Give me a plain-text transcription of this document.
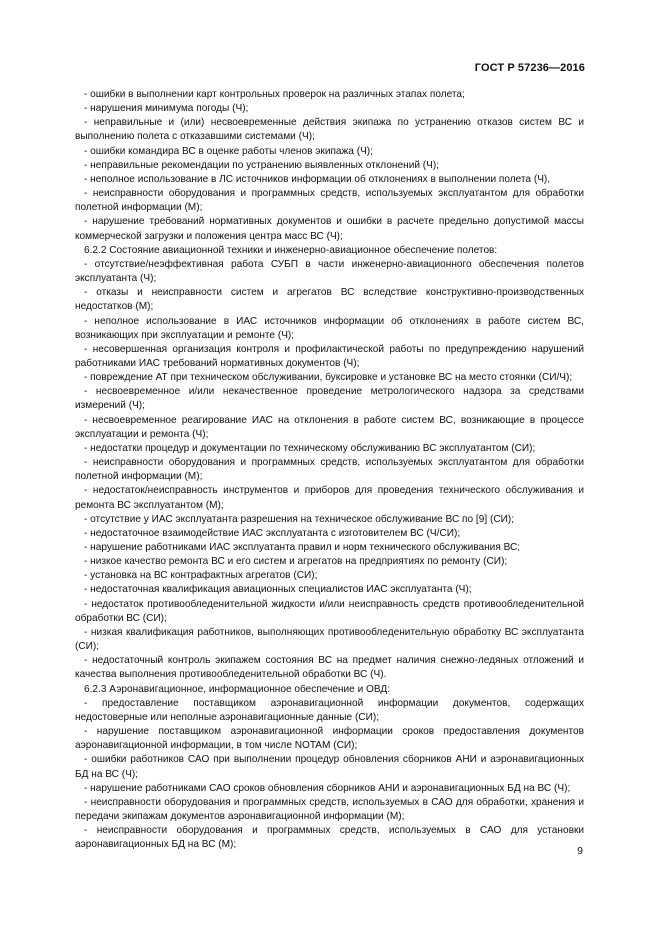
ГОСТ Р 57236—2016

- ошибки в выполнении карт контрольных проверок на различных этапах полета;

- нарушения минимума погоды (Ч);

- неправильные и (или) несвоевременные действия экипажа по устранению отказов систем ВС и выполнению полета с отказавшими системами (Ч);

- ошибки командира ВС в оценке работы членов экипажа (Ч);

- неправильные рекомендации по устранению выявленных отклонений (Ч);

- неполное использование в ЛС источников информации об отклонениях в выполнении полета (Ч),

- неисправности оборудования и программных средств, используемых эксплуатантом для обработки полетной информации (М);

- нарушение требований нормативных документов и ошибки в расчете предельно допустимой массы коммерческой загрузки и положения центра масс ВС (Ч);

6.2.2 Состояние авиационной техники и инженерно-авиационное обеспечение полетов:

- отсутствие/неэффективная работа СУБП в части инженерно-авиационного обеспечения полетов эксплуатанта (Ч);

- отказы и неисправности систем и агрегатов ВС вследствие конструктивно-производственных недостатков (М);

- неполное использование в ИАС источников информации об отклонениях в работе систем ВС, возникающих при эксплуатации и ремонте (Ч);

- несовершенная организация контроля и профилактической работы по предупреждению нарушений работниками ИАС требований нормативных документов (Ч);

- повреждение АТ при техническом обслуживании, буксировке и установке ВС на место стоянки (СИ/Ч);

- несвоевременное и/или некачественное проведение метрологического надзора за средствами измерений (Ч);

- несвоевременное реагирование ИАС на отклонения в работе систем ВС, возникающие в процессе эксплуатации и ремонта (Ч);

- недостатки процедур и документации по техническому обслуживанию ВС эксплуатантом (СИ);

- неисправности оборудования и программных средств, используемых эксплуатантом для обработки полетной информации (М);

- недостаток/неисправность инструментов и приборов для проведения технического обслуживания и ремонта ВС эксплуатантом (М);

- отсутствие у ИАС эксплуатанта разрешения на техническое обслуживание ВС по [9] (СИ);

- недостаточное взаимодействие ИАС эксплуатанта с изготовителем ВС (Ч/СИ);

- нарушение работниками ИАС эксплуатанта правил и норм технического обслуживания ВС;

- низкое качество ремонта ВС и его систем и агрегатов на предприятиях по ремонту (СИ);

- установка на ВС контрафактных агрегатов (СИ);

- недостаточная квалификация авиационных специалистов ИАС эксплуатанта (Ч);

- недостаток противообледенительной жидкости и/или неисправность средств противообледенительной обработки ВС (СИ);

- низкая квалификация работников, выполняющих противообледенительную обработку ВС эксплуатанта (СИ);

- недостаточный контроль экипажем состояния ВС на предмет наличия снежно-ледяных отложений и качества выполнения противообледенительной обработки ВС (Ч).

6.2.3 Аэронавигационное, информационное обеспечение и ОВД:

- предоставление поставщиком аэронавигационной информации документов, содержащих недостоверные или неполные аэронавигационные данные (СИ);

- нарушение поставщиком аэронавигационной информации сроков предоставления документов аэронавигационной информации, в том числе NOTAM (СИ);

- ошибки работников САО при выполнении процедур обновления сборников АНИ и аэронавигационных БД на ВС (Ч);

- нарушение работниками САО сроков обновления сборников АНИ и аэронавигационных БД на ВС (Ч);

- неисправности оборудования и программных средств, используемых в САО для обработки, хранения и передачи экипажам документов аэронавигационной информации (М);

- неисправности оборудования и программных средств, используемых в САО для установки аэронавигационных БД на ВС (М);

9
